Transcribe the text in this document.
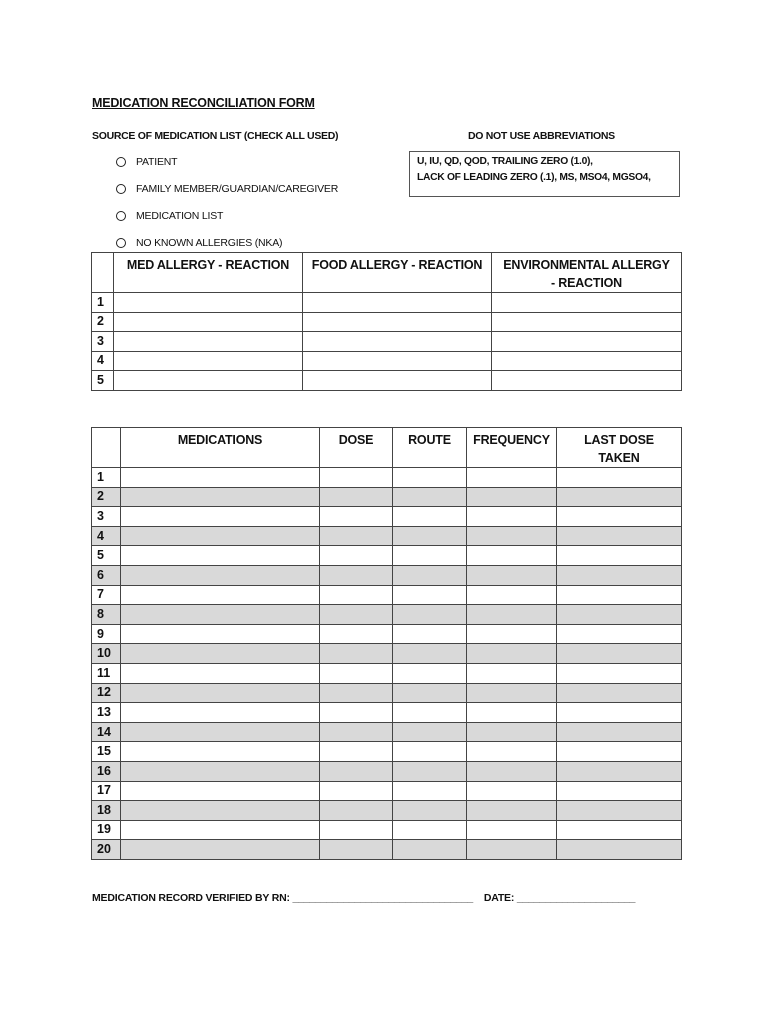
MEDICATION RECONCILIATION FORM
SOURCE OF MEDICATION LIST (CHECK ALL USED)	DO NOT USE ABBREVIATIONS
U, IU, QD, QOD, TRAILING ZERO (1.0),
LACK OF LEADING ZERO (.1), MS, MSO4, MGSO4,
PATIENT
FAMILY MEMBER/GUARDIAN/CAREGIVER
MEDICATION LIST
NO KNOWN ALLERGIES (NKA)
	MED ALLERGY - REACTION	FOOD ALLERGY - REACTION	ENVIRONMENTAL ALLERGY
- REACTION

1			
2			
3			
4			
5			
	MEDICATIONS	DOSE	ROUTE	FREQUENCY	LAST DOSE
TAKEN

1					
2					
3					
4					
5					
6					
7					
8					
9					
10					
11					
12					
13					
14					
15					
16					
17					
18					
19					
20					
MEDICATION RECORD VERIFIED BY RN: ________________________________ DATE: _____________________
